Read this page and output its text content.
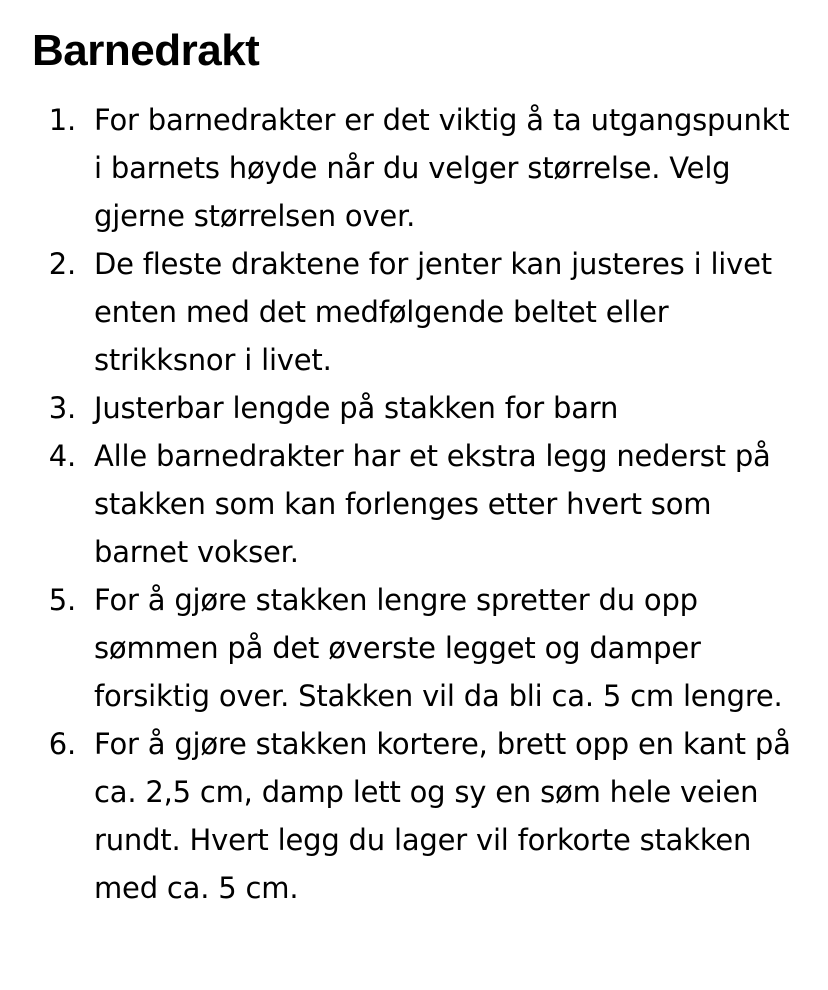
Barnedrakt
1. For barnedrakter er det viktig å ta utgangspunkt i barnets høyde når du velger størrelse. Velg gjerne størrelsen over.
2. De fleste draktene for jenter kan justeres i livet enten med det medfølgende beltet eller strikksnor i livet.
3. Justerbar lengde på stakken for barn
4. Alle barnedrakter har et ekstra legg nederst på stakken som kan forlenges etter hvert som barnet vokser.
5. For å gjøre stakken lengre spretter du opp sømmen på det øverste legget og damper forsiktig over. Stakken vil da bli ca. 5 cm lengre.
6. For å gjøre stakken kortere, brett opp en kant på ca. 2,5 cm, damp lett og sy en søm hele veien rundt. Hvert legg du lager vil forkorte stakken med ca. 5 cm.
